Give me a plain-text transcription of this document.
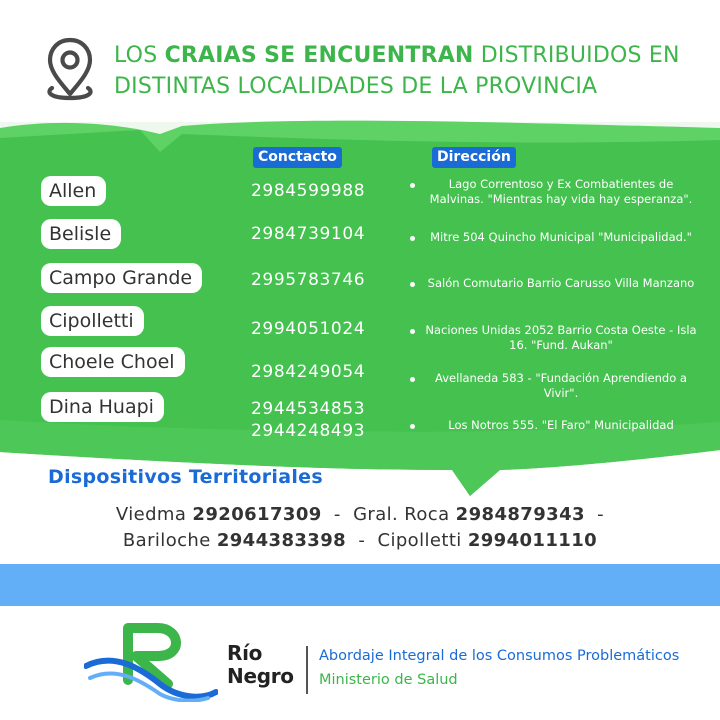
LOS CRAIAS SE ENCUENTRAN DISTRIBUIDOS EN
DISTINTAS LOCALIDADES DE LA PROVINCIA
Conctacto	Dirección
Allen
Belisle
Campo Grande
Cipolletti
Choele Choel
Dina Huapi
2984599988
2984739104
2995783746
2994051024
2984249054
2944534853
2944248493
Lago Correntoso y Ex Combatientes de Malvinas. "Mientras hay vida hay esperanza".
Mitre 504 Quincho Municipal "Municipalidad."
Salón Comutario Barrio Carusso Villa Manzano
Naciones Unidas 2052 Barrio Costa Oeste - Isla 16. "Fund. Aukan"
Avellaneda 583 - "Fundación Aprendiendo a Vivir".
Los Notros 555. "El Faro" Municipalidad
Dispositivos Territoriales
Viedma 2920617309 - Gral. Roca 2984879343 -
Bariloche 2944383398 - Cipolletti 2994011110
Río
Negro
Abordaje Integral de los Consumos Problemáticos
Ministerio de Salud
